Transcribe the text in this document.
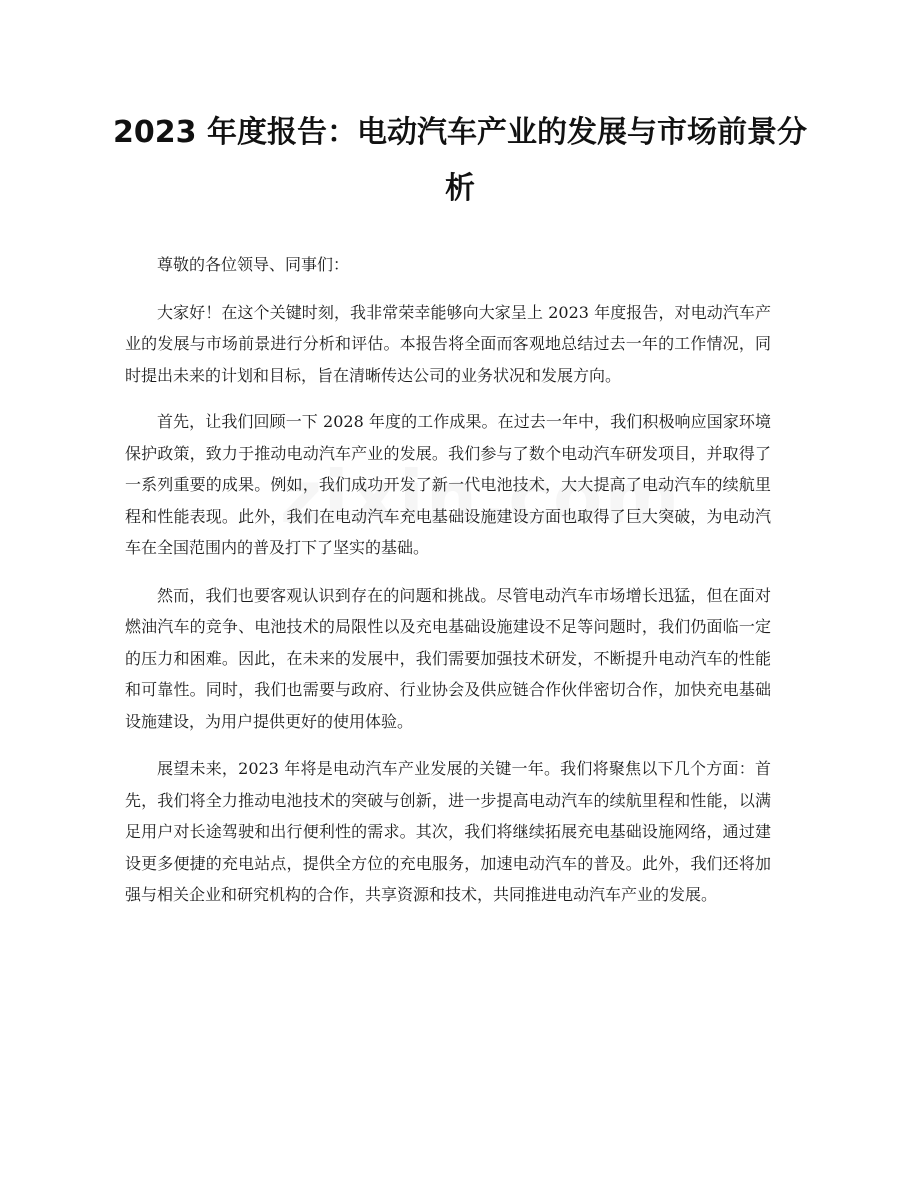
2023 年度报告：电动汽车产业的发展与市场前景分析

尊敬的各位领导、同事们：

大家好！在这个关键时刻，我非常荣幸能够向大家呈上 2023 年度报告，对电动汽车产业的发展与市场前景进行分析和评估。本报告将全面而客观地总结过去一年的工作情况，同时提出未来的计划和目标，旨在清晰传达公司的业务状况和发展方向。

首先，让我们回顾一下 2028 年度的工作成果。在过去一年中，我们积极响应国家环境保护政策，致力于推动电动汽车产业的发展。我们参与了数个电动汽车研发项目，并取得了一系列重要的成果。例如，我们成功开发了新一代电池技术，大大提高了电动汽车的续航里程和性能表现。此外，我们在电动汽车充电基础设施建设方面也取得了巨大突破，为电动汽车在全国范围内的普及打下了坚实的基础。

然而，我们也要客观认识到存在的问题和挑战。尽管电动汽车市场增长迅猛，但在面对燃油汽车的竞争、电池技术的局限性以及充电基础设施建设不足等问题时，我们仍面临一定的压力和困难。因此，在未来的发展中，我们需要加强技术研发，不断提升电动汽车的性能和可靠性。同时，我们也需要与政府、行业协会及供应链合作伙伴密切合作，加快充电基础设施建设，为用户提供更好的使用体验。

展望未来，2023 年将是电动汽车产业发展的关键一年。我们将聚焦以下几个方面：首先，我们将全力推动电池技术的突破与创新，进一步提高电动汽车的续航里程和性能，以满足用户对长途驾驶和出行便利性的需求。其次，我们将继续拓展充电基础设施网络，通过建设更多便捷的充电站点，提供全方位的充电服务，加速电动汽车的普及。此外，我们还将加强与相关企业和研究机构的合作，共享资源和技术，共同推进电动汽车产业的发展。
